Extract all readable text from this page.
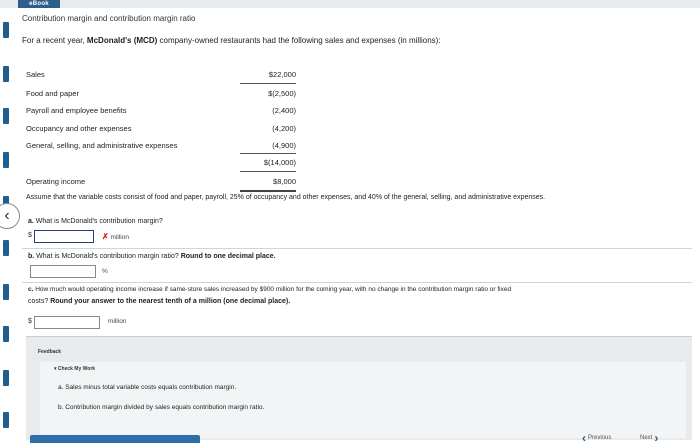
eBook
‹
Contribution margin and contribution margin ratio
For a recent year, McDonald's (MCD) company-owned restaurants had the following sales and expenses (in millions):
Sales	$22,000
Food and paper	$(2,500)
Payroll and employee benefits	(2,400)
Occupancy and other expenses	(4,200)
General, selling, and administrative expenses	(4,900)
$(14,000)
Operating income	$8,000
Assume that the variable costs consist of food and paper, payroll, 25% of occupancy and other expenses, and 40% of the general, selling, and administrative expenses.
a. What is McDonald's contribution margin?
$	✗ million
b. What is McDonald's contribution margin ratio? Round to one decimal place.
%
c. How much would operating income increase if same-store sales increased by $900 million for the coming year, with no change in the contribution margin ratio or fixed
costs? Round your answer to the nearest tenth of a million (one decimal place).
$	million
Feedback
▾ Check My Work
a. Sales minus total variable costs equals contribution margin.
b. Contribution margin divided by sales equals contribution margin ratio.
‹ Previous	Next ›
